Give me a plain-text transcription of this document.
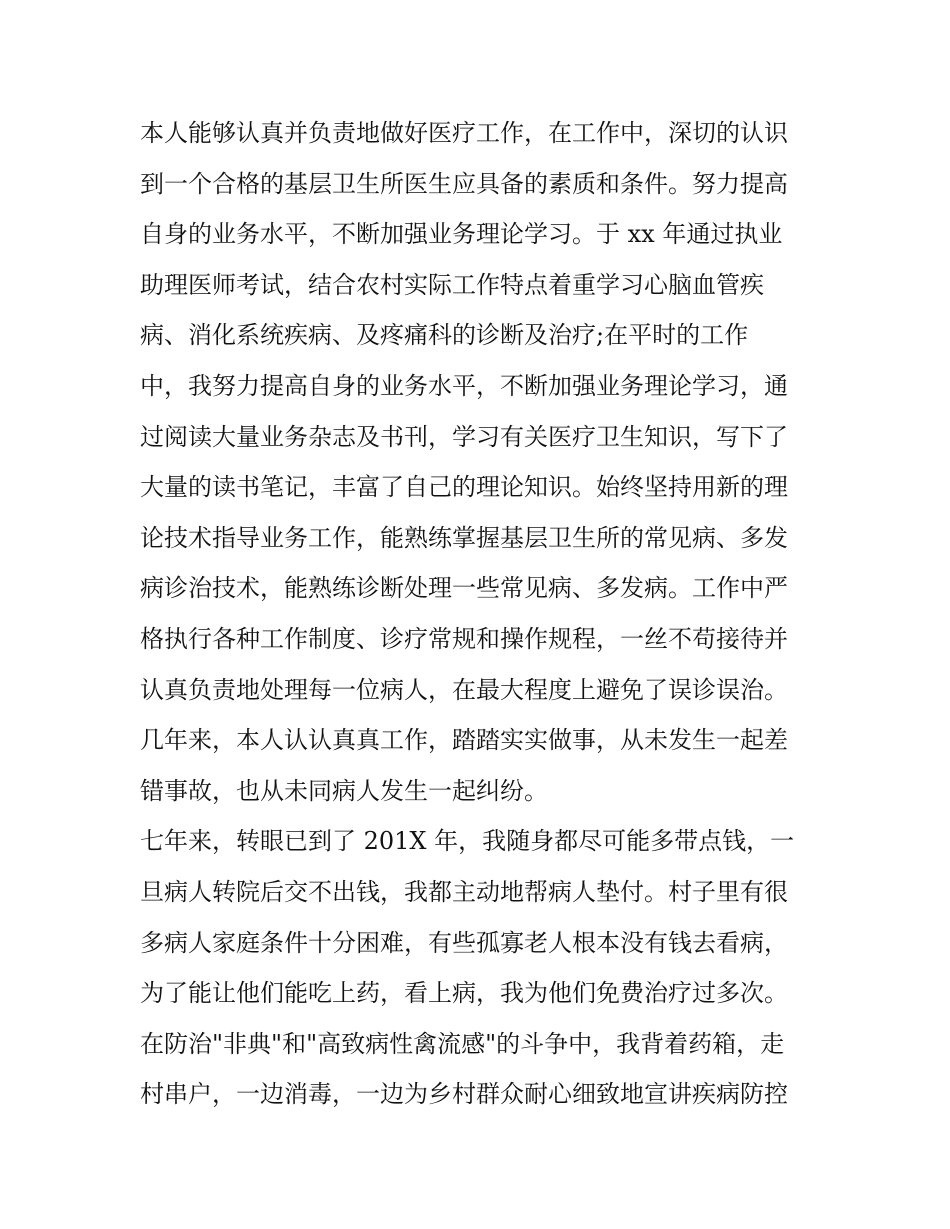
本人能够认真并负责地做好医疗工作，在工作中，深切的认识
到一个合格的基层卫生所医生应具备的素质和条件。努力提高
自身的业务水平，不断加强业务理论学习。于 xx 年通过执业
助理医师考试，结合农村实际工作特点着重学习心脑血管疾
病、消化系统疾病、及疼痛科的诊断及治疗;在平时的工作
中，我努力提高自身的业务水平，不断加强业务理论学习，通
过阅读大量业务杂志及书刊，学习有关医疗卫生知识，写下了
大量的读书笔记，丰富了自己的理论知识。始终坚持用新的理
论技术指导业务工作，能熟练掌握基层卫生所的常见病、多发
病诊治技术，能熟练诊断处理一些常见病、多发病。工作中严
格执行各种工作制度、诊疗常规和操作规程，一丝不苟接待并
认真负责地处理每一位病人，在最大程度上避免了误诊误治。
几年来，本人认认真真工作，踏踏实实做事，从未发生一起差
错事故，也从未同病人发生一起纠纷。
七年来，转眼已到了 201X 年，我随身都尽可能多带点钱，一
旦病人转院后交不出钱，我都主动地帮病人垫付。村子里有很
多病人家庭条件十分困难，有些孤寡老人根本没有钱去看病，
为了能让他们能吃上药，看上病，我为他们免费治疗过多次。
在防治"非典"和"高致病性禽流感"的斗争中，我背着药箱，走
村串户，一边消毒，一边为乡村群众耐心细致地宣讲疾病防控
